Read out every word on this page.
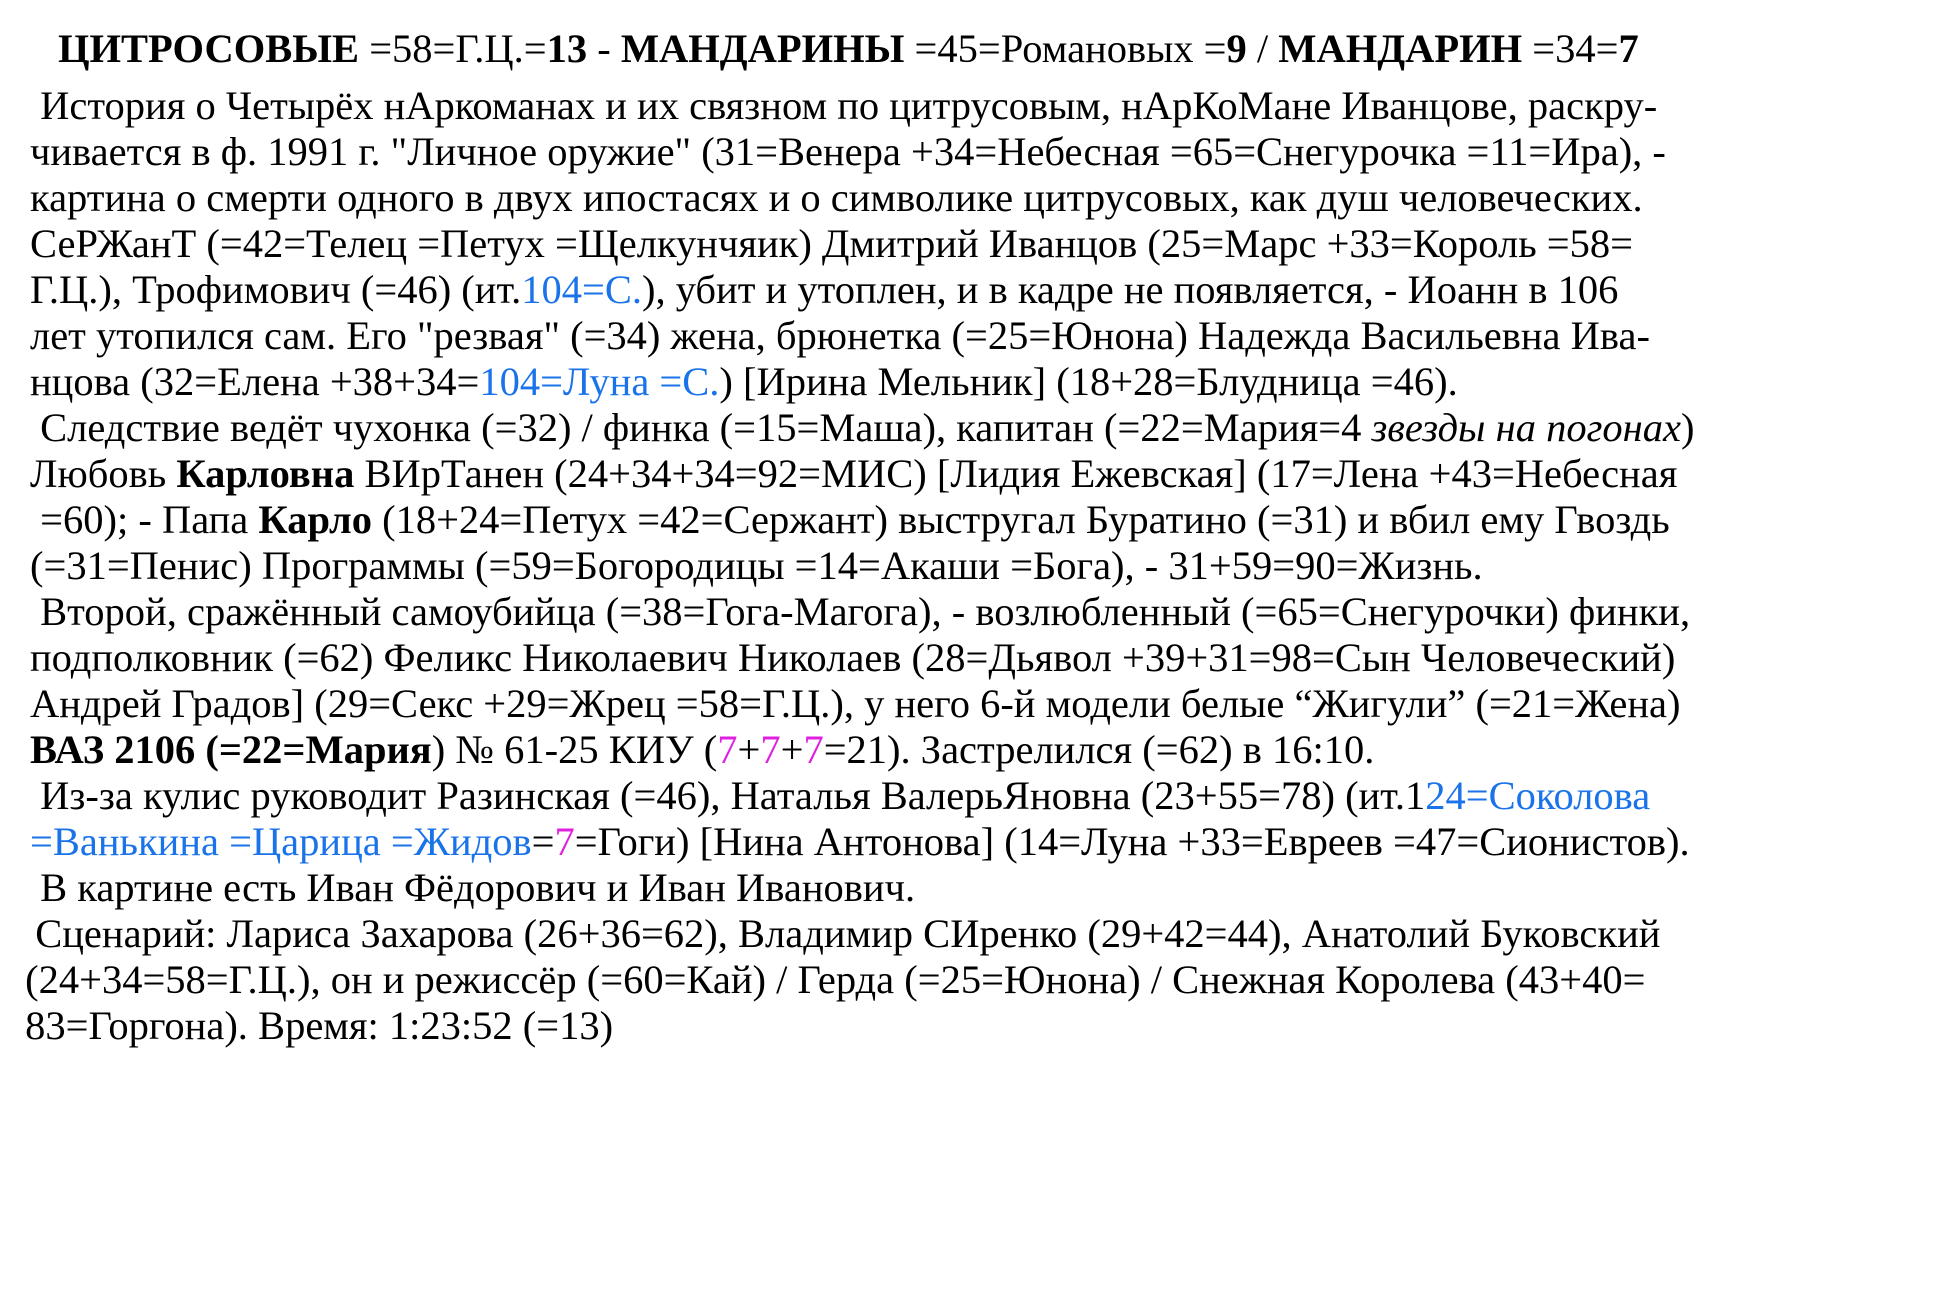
ЦИТРОСОВЫЕ =58=Г.Ц.=13 - МАНДАРИНЫ =45=Романовых =9 / МАНДАРИН =34=7
История о Четырёх нАркоманах и их связном по цитрусовым, нАрКоМане Иванцове, раскру-
чивается в ф. 1991 г. "Личное оружие" (31=Венера +34=Небесная =65=Снегурочка =11=Ира), -
картина о смерти одного в двух ипостасях и о символике цитрусовых, как душ человеческих.
СеРЖанТ (=42=Телец =Петух =Щелкунчяик) Дмитрий Иванцов (25=Марс +33=Король =58=
Г.Ц.), Трофимович (=46) (ит.104=С.), убит и утоплен, и в кадре не появляется, - Иоанн в 106
лет утопился сам. Его "резвая" (=34) жена, брюнетка (=25=Юнона) Надежда Васильевна Ива-
нцова (32=Елена +38+34=104=Луна =С.) [Ирина Мельник] (18+28=Блудница =46).
Следствие ведёт чухонка (=32) / финка (=15=Маша), капитан (=22=Мария=4 звезды на погонах)
Любовь Карловна ВИрТанен (24+34+34=92=МИС) [Лидия Ежевская] (17=Лена +43=Небесная
=60); - Папа Карло (18+24=Петух =42=Сержант) выстругал Буратино (=31) и вбил ему Гвоздь
(=31=Пенис) Программы (=59=Богородицы =14=Акаши =Бога), - 31+59=90=Жизнь.
Второй, сражённый самоубийца (=38=Гога-Магога), - возлюбленный (=65=Снегурочки) финки,
подполковник (=62) Феликс Николаевич Николаев (28=Дьявол +39+31=98=Сын Человеческий)
Андрей Градов] (29=Секс +29=Жрец =58=Г.Ц.), у него 6-й модели белые “Жигули” (=21=Жена)
ВАЗ 2106 (=22=Мария) № 61-25 КИУ (7+7+7=21). Застрелился (=62) в 16:10.
Из-за кулис руководит Разинская (=46), Наталья ВалерьЯновна (23+55=78) (ит.124=Соколова
=Ванькина =Царица =Жидов=7=Гоги) [Нина Антонова] (14=Луна +33=Евреев =47=Сионистов).
В картине есть Иван Фёдорович и Иван Иванович.
Сценарий: Лариса Захарова (26+36=62), Владимир СИренко (29+42=44), Анатолий Буковский
(24+34=58=Г.Ц.), он и режиссёр (=60=Кай) / Герда (=25=Юнона) / Снежная Королева (43+40=
83=Горгона). Время: 1:23:52 (=13)
